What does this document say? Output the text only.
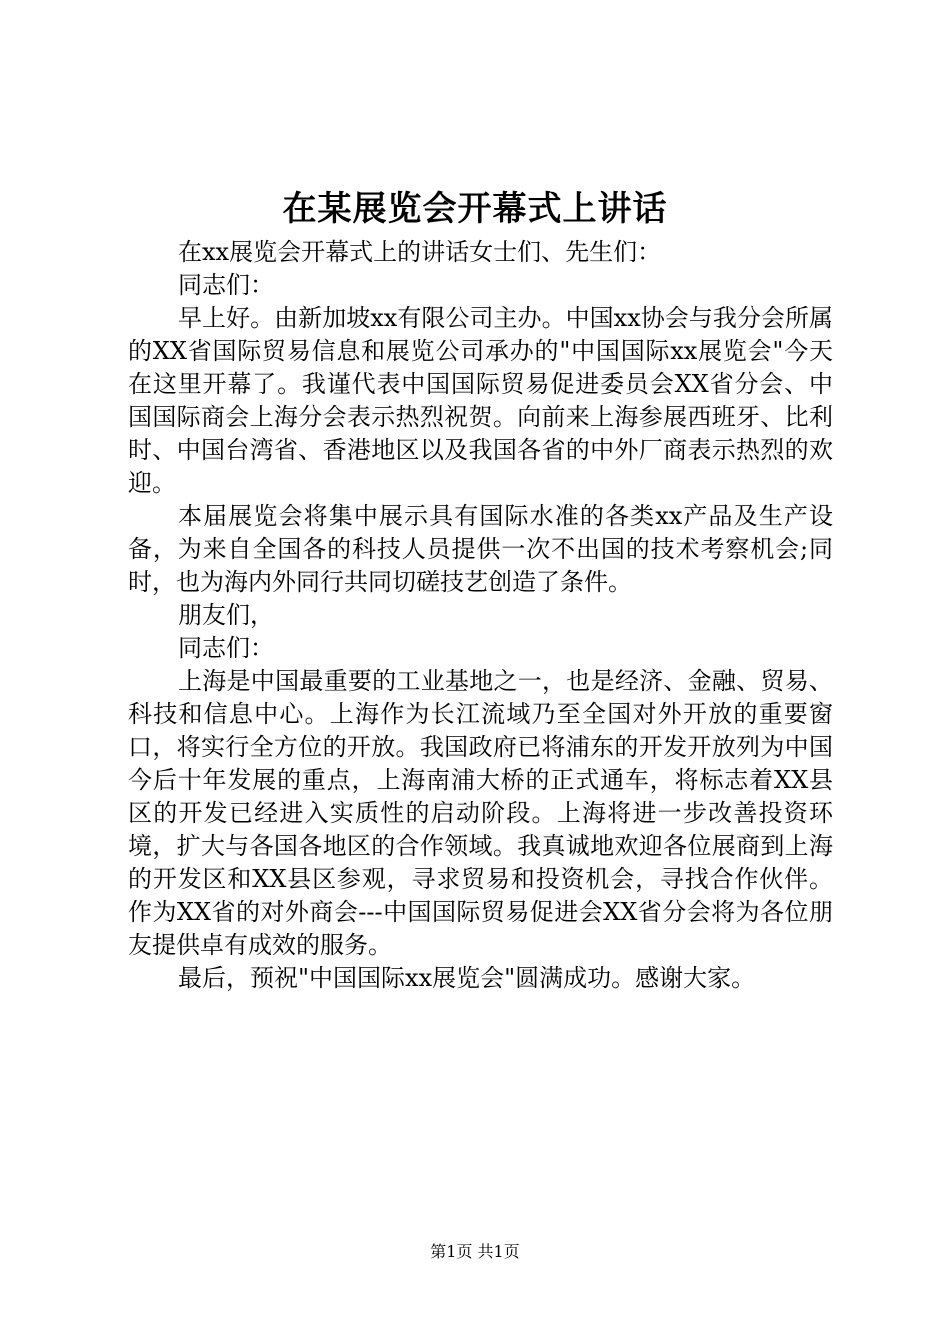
在某展览会开幕式上讲话

在xx展览会开幕式上的讲话女士们、先生们：

同志们：

早上好。由新加坡xx有限公司主办。中国xx协会与我分会所属的XX省国际贸易信息和展览公司承办的"中国国际xx展览会"今天在这里开幕了。我谨代表中国国际贸易促进委员会XX省分会、中国国际商会上海分会表示热烈祝贺。向前来上海参展西班牙、比利时、中国台湾省、香港地区以及我国各省的中外厂商表示热烈的欢迎。

本届展览会将集中展示具有国际水准的各类xx产品及生产设备，为来自全国各的科技人员提供一次不出国的技术考察机会;同时，也为海内外同行共同切磋技艺创造了条件。

朋友们，

同志们：

上海是中国最重要的工业基地之一，也是经济、金融、贸易、科技和信息中心。上海作为长江流域乃至全国对外开放的重要窗口，将实行全方位的开放。我国政府已将浦东的开发开放列为中国今后十年发展的重点，上海南浦大桥的正式通车，将标志着XX县区的开发已经进入实质性的启动阶段。上海将进一步改善投资环境，扩大与各国各地区的合作领域。我真诚地欢迎各位展商到上海的开发区和XX县区参观，寻求贸易和投资机会，寻找合作伙伴。作为XX省的对外商会---中国国际贸易促进会XX省分会将为各位朋友提供卓有成效的服务。

最后，预祝"中国国际xx展览会"圆满成功。感谢大家。

第1页 共1页
